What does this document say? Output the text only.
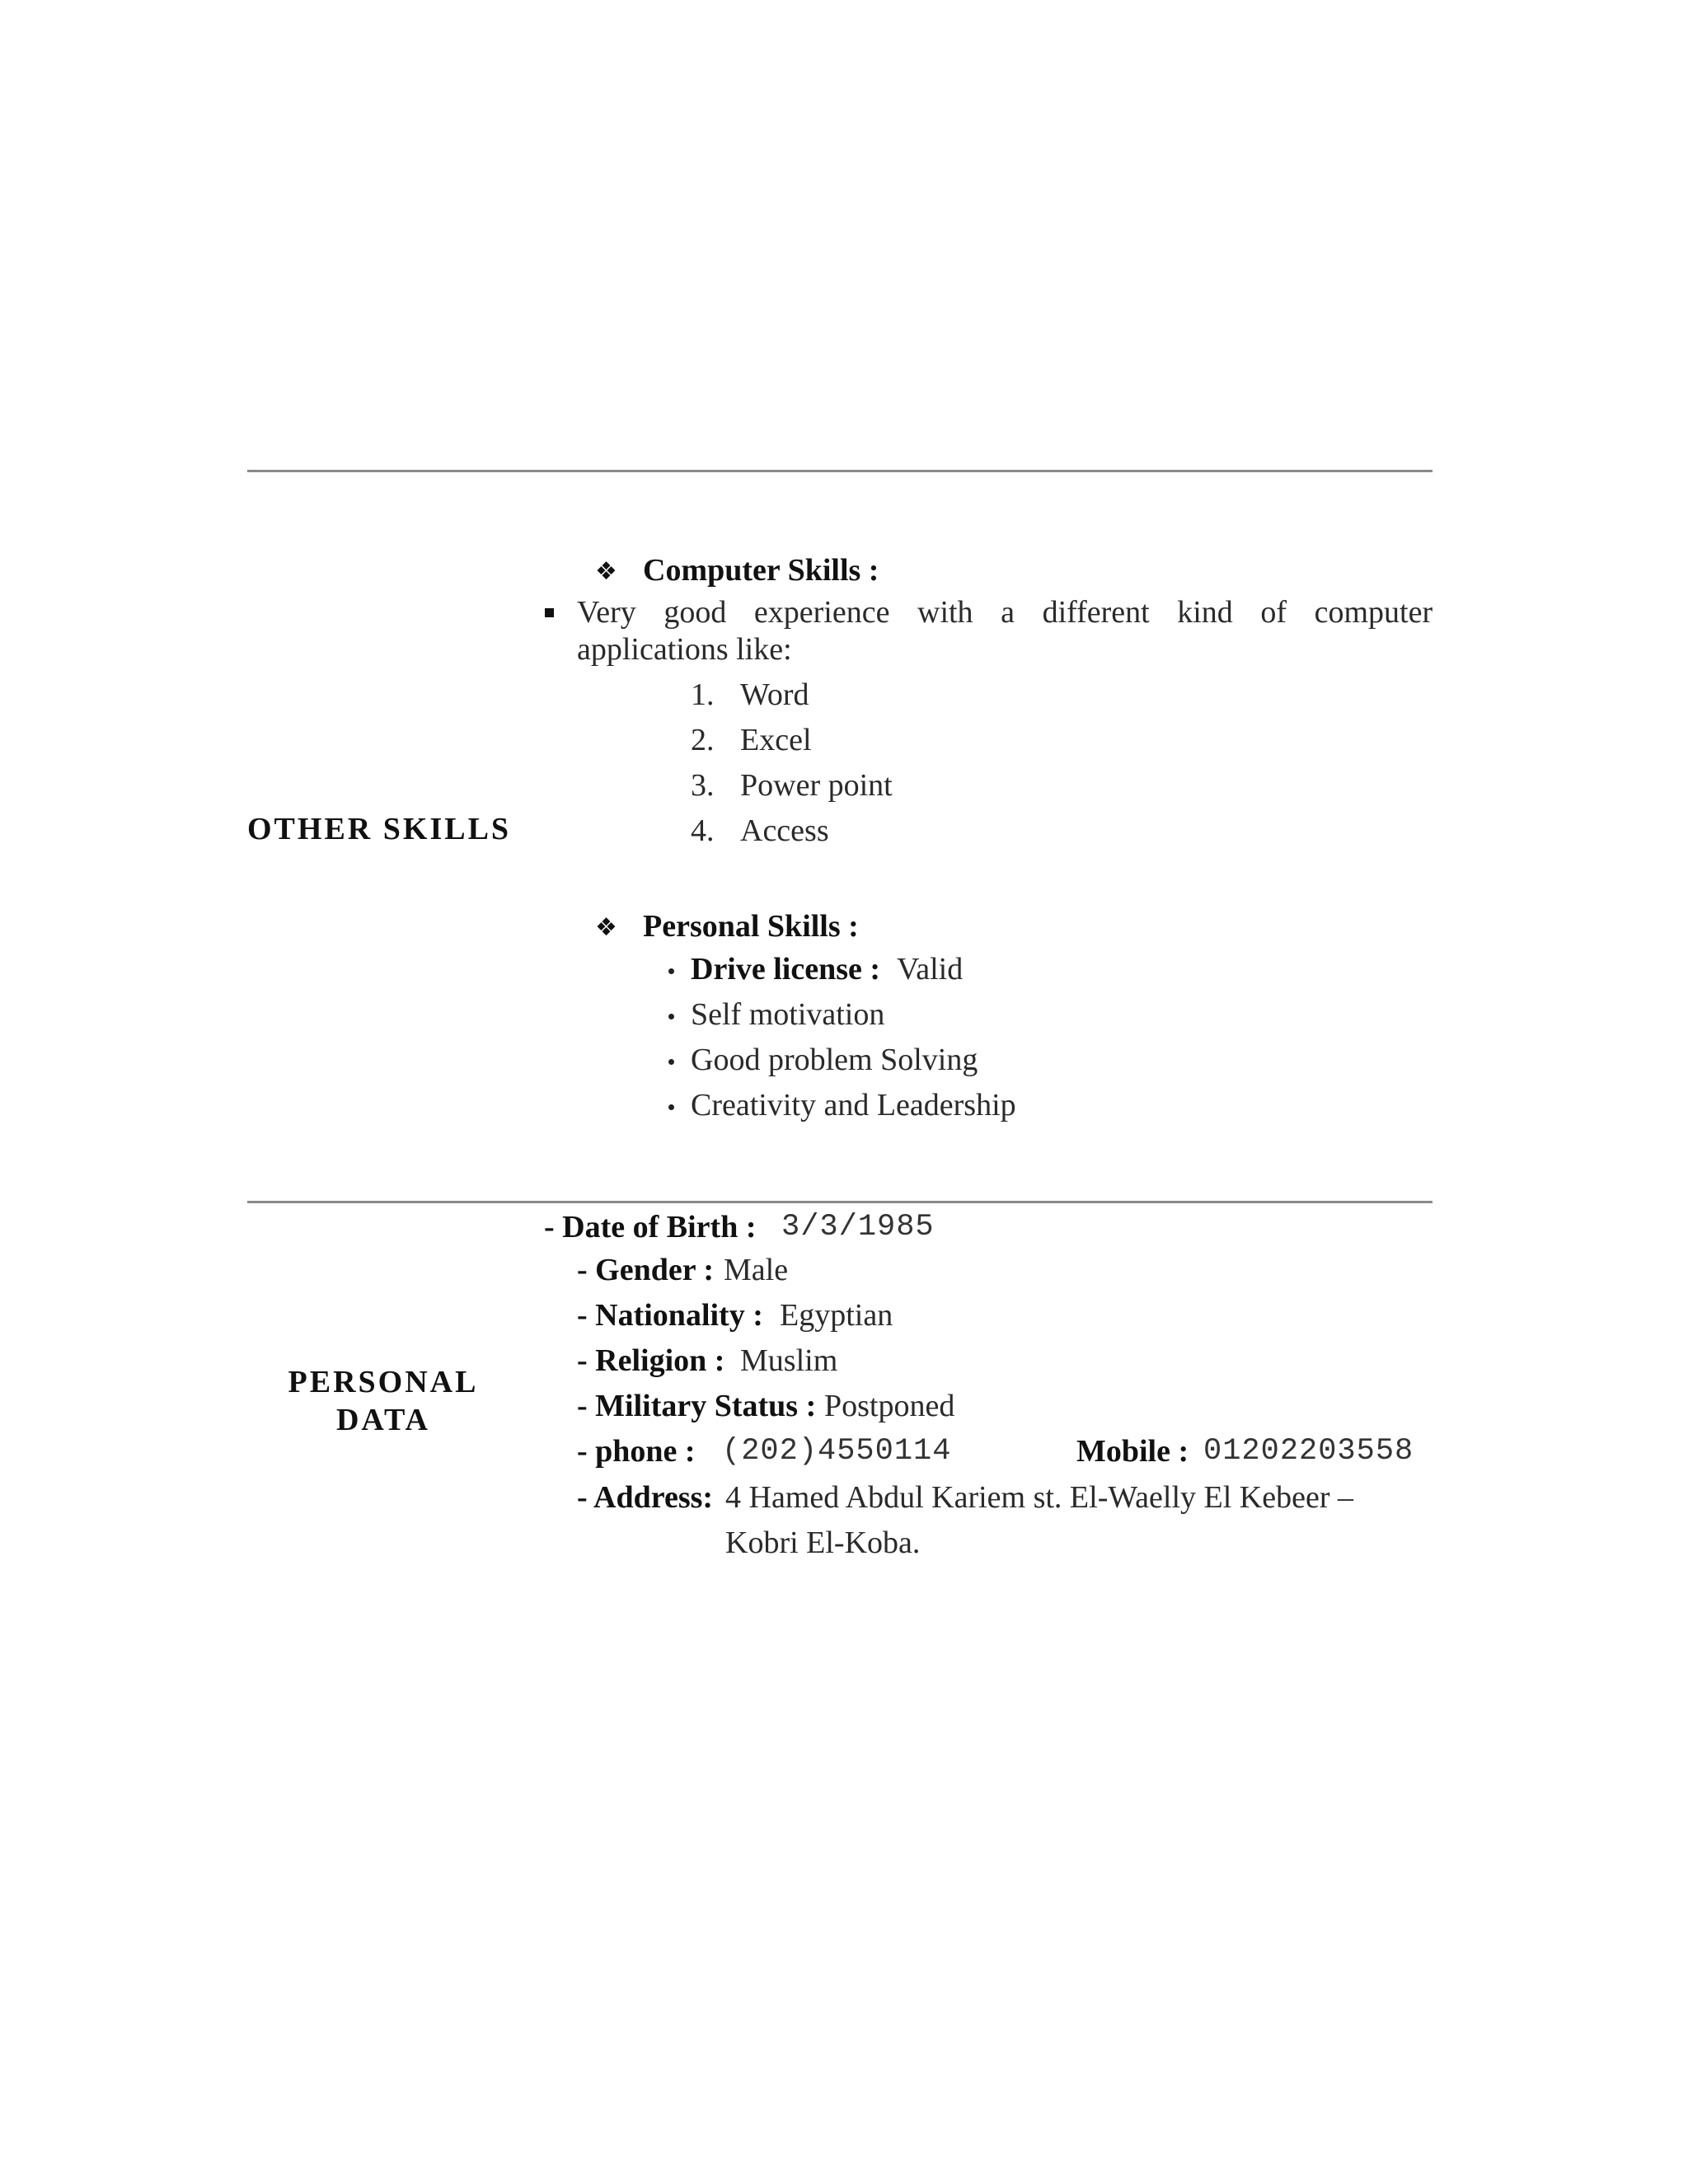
OTHER SKILLS
❖ Computer Skills :
Very good experience with a different kind of computer
applications like:
1. Word
2. Excel
3. Power point
4. Access
❖ Personal Skills :
Drive license : Valid
Self motivation
Good problem Solving
Creativity and Leadership
PERSONAL
DATA
- Date of Birth : 3/3/1985
- Gender : Male
- Nationality : Egyptian
- Religion : Muslim
- Military Status : Postponed
- phone : (202)4550114	Mobile : 01202203558
- Address: 4 Hamed Abdul Kariem st. El-Waelly El Kebeer –
Kobri El-Koba.
